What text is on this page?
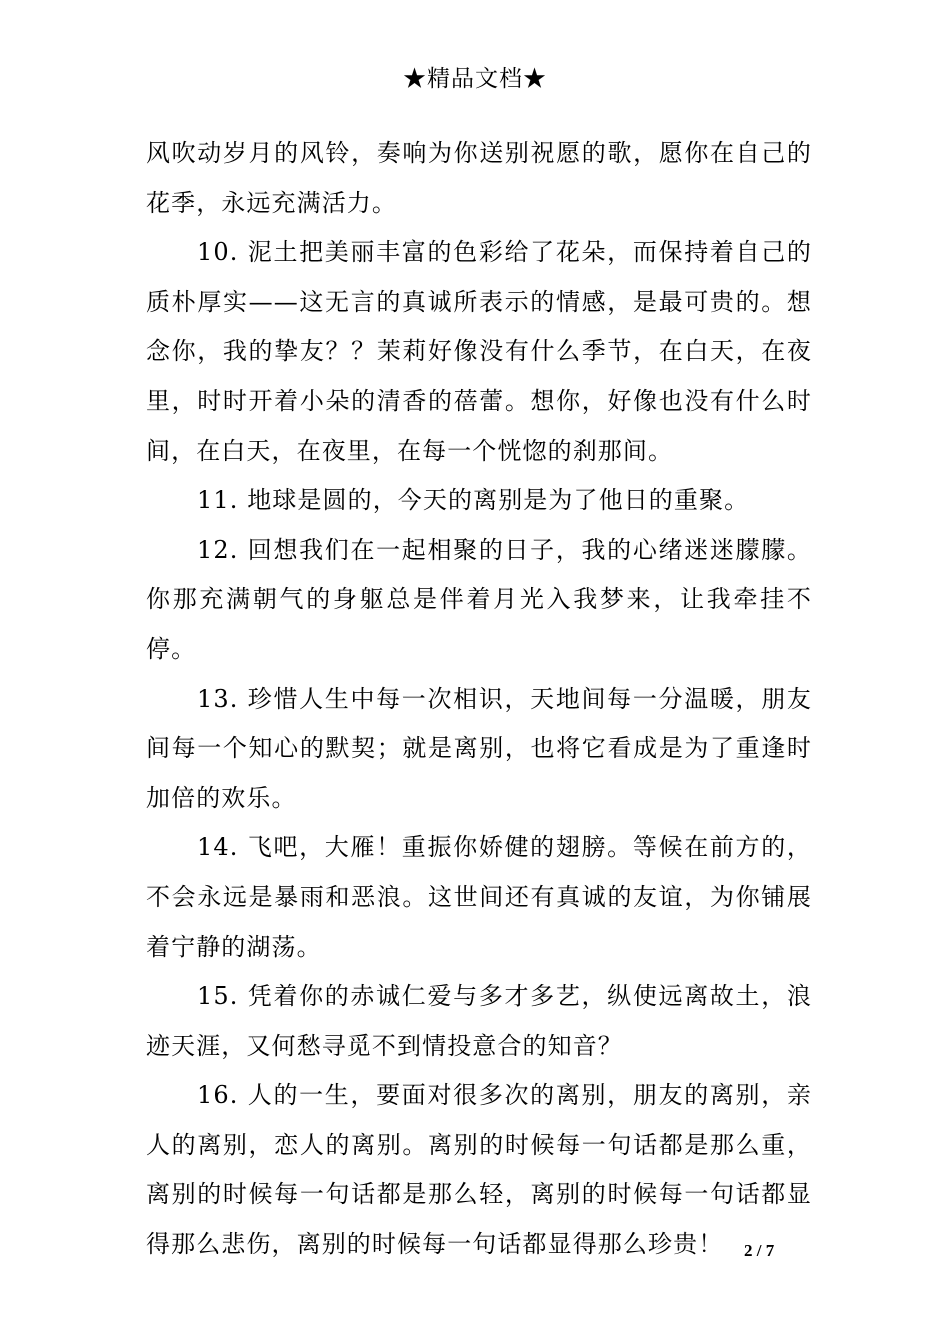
★精品文档★

风吹动岁月的风铃，奏响为你送别祝愿的歌，愿你在自己的花季，永远充满活力。

10. 泥土把美丽丰富的色彩给了花朵，而保持着自己的质朴厚实——这无言的真诚所表示的情感，是最可贵的。想念你，我的挚友？？茉莉好像没有什么季节，在白天，在夜里，时时开着小朵的清香的蓓蕾。想你，好像也没有什么时间，在白天，在夜里，在每一个恍惚的刹那间。

11. 地球是圆的，今天的离别是为了他日的重聚。

12. 回想我们在一起相聚的日子，我的心绪迷迷朦朦。你那充满朝气的身躯总是伴着月光入我梦来，让我牵挂不停。

13. 珍惜人生中每一次相识，天地间每一分温暖，朋友间每一个知心的默契；就是离别，也将它看成是为了重逢时加倍的欢乐。

14. 飞吧，大雁！重振你娇健的翅膀。等候在前方的，不会永远是暴雨和恶浪。这世间还有真诚的友谊，为你铺展着宁静的湖荡。

15. 凭着你的赤诚仁爱与多才多艺，纵使远离故土，浪迹天涯，又何愁寻觅不到情投意合的知音？

16. 人的一生，要面对很多次的离别，朋友的离别，亲人的离别，恋人的离别。离别的时候每一句话都是那么重，离别的时候每一句话都是那么轻，离别的时候每一句话都显得那么悲伤，离别的时候每一句话都显得那么珍贵！	2 / 7
